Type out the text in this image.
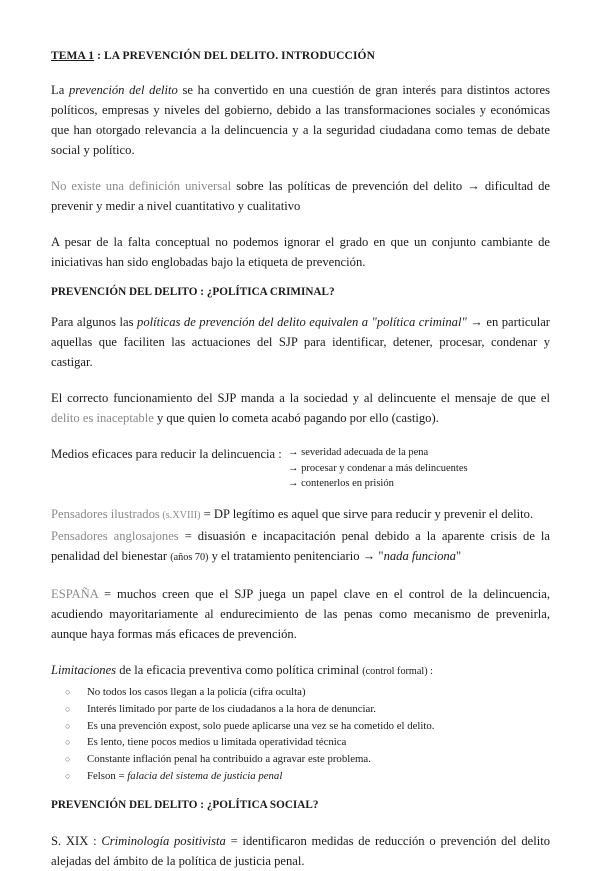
TEMA 1 : LA PREVENCIÓN DEL DELITO. INTRODUCCIÓN

La prevención del delito se ha convertido en una cuestión de gran interés para distintos actores políticos, empresas y niveles del gobierno, debido a las transformaciones sociales y económicas que han otorgado relevancia a la delincuencia y a la seguridad ciudadana como temas de debate social y político.

No existe una definición universal sobre las políticas de prevención del delito → dificultad de prevenir y medir a nivel cuantitativo y cualitativo

A pesar de la falta conceptual no podemos ignorar el grado en que un conjunto cambiante de iniciativas han sido englobadas bajo la etiqueta de prevención.

PREVENCIÓN DEL DELITO : ¿POLÍTICA CRIMINAL?

Para algunos las políticas de prevención del delito equivalen a "política criminal" → en particular aquellas que faciliten las actuaciones del SJP para identificar, detener, procesar, condenar y castigar.

El correcto funcionamiento del SJP manda a la sociedad y al delincuente el mensaje de que el delito es inaceptable y que quien lo cometa acabó pagando por ello (castigo).

Medios eficaces para reducir la delincuencia : → severidad adecuada de la pena
→ procesar y condenar a más delincuentes
→ contenerlos en prisión

Pensadores ilustrados (s.XVIII) = DP legítimo es aquel que sirve para reducir y prevenir el delito.
Pensadores anglosajones = disuasión e incapacitación penal debido a la aparente crisis de la penalidad del bienestar (años 70) y el tratamiento penitenciario → "nada funciona"

ESPAÑA = muchos creen que el SJP juega un papel clave en el control de la delincuencia, acudiendo mayoritariamente al endurecimiento de las penas como mecanismo de prevenirla, aunque haya formas más eficaces de prevención.

Limitaciones de la eficacia preventiva como política criminal (control formal) :

○ No todos los casos llegan a la policía (cifra oculta)
○ Interés limitado por parte de los ciudadanos a la hora de denunciar.
○ Es una prevención expost, solo puede aplicarse una vez se ha cometido el delito.
○ Es lento, tiene pocos medios u limitada operatividad técnica
○ Constante inflación penal ha contribuido a agravar este problema.
○ Felson = falacia del sistema de justicia penal
PREVENCIÓN DEL DELITO : ¿POLÍTICA SOCIAL?

S. XIX : Criminología positivista = identificaron medidas de reducción o prevención del delito alejadas del ámbito de la política de justicia penal.
